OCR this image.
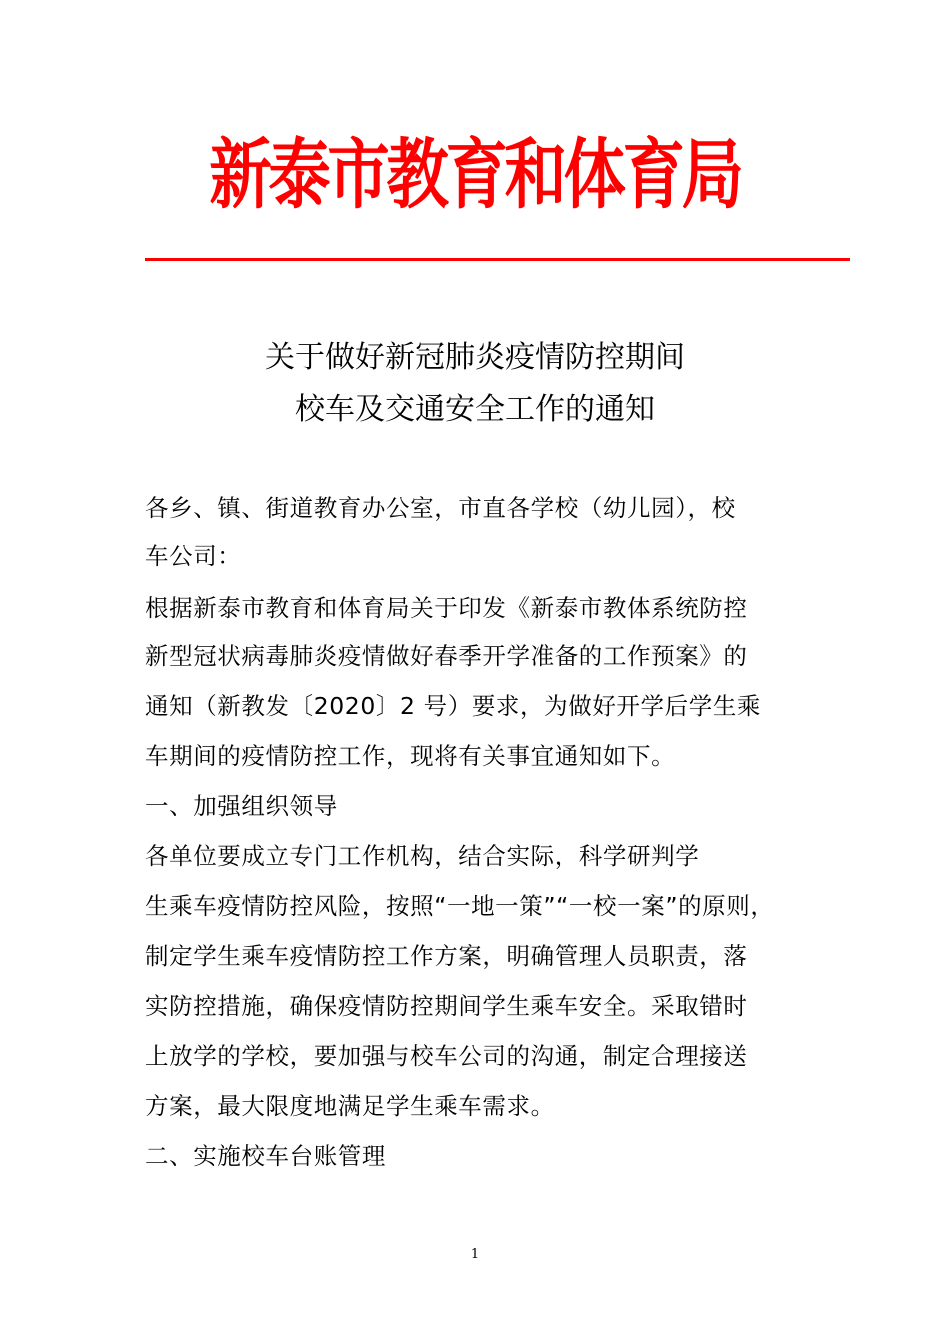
新泰市教育和体育局
关于做好新冠肺炎疫情防控期间
校车及交通安全工作的通知
各乡、镇、街道教育办公室，市直各学校（幼儿园），校
车公司：
根据新泰市教育和体育局关于印发《新泰市教体系统防控
新型冠状病毒肺炎疫情做好春季开学准备的工作预案》的
通知（新教发〔2020〕2 号）要求，为做好开学后学生乘
车期间的疫情防控工作，现将有关事宜通知如下。
一、加强组织领导
各单位要成立专门工作机构，结合实际，科学研判学
生乘车疫情防控风险，按照“一地一策”“一校一案”的原则，
制定学生乘车疫情防控工作方案，明确管理人员职责，落
实防控措施，确保疫情防控期间学生乘车安全。采取错时
上放学的学校，要加强与校车公司的沟通，制定合理接送
方案，最大限度地满足学生乘车需求。
二、实施校车台账管理
1
